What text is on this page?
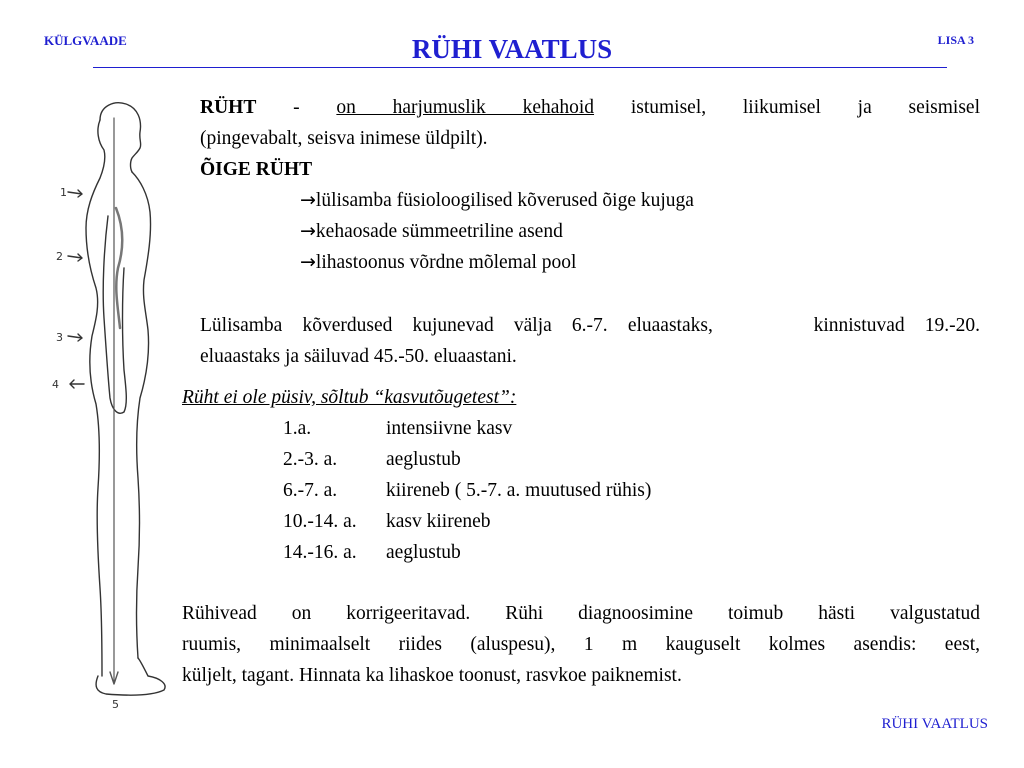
KÜLGVAADE	RÜHI VAATLUS	LISA 3
1
2
3
4
5
RÜHT - on harjumuslik kehahoid istumisel, liikumisel ja seismisel
(pingevabalt, seisva inimese üldpilt).
ÕIGE RÜHT
→lülisamba füsioloogilised kõverused õige kujuga
→kehaosade sümmeetriline asend
→lihastoonus võrdne mõlemal pool
Lülisamba kõverdused kujunevad välja 6.-7. eluaastaks,     kinnistuvad 19.-20.
eluaastaks ja säiluvad 45.-50. eluaastani.
Rüht ei ole püsiv, sõltub “kasvutõugetest”:
1.a.	intensiivne kasv
2.-3. a.	aeglustub
6.-7. a.	kiireneb ( 5.-7. a. muutused rühis)
10.-14. a. kasv kiireneb
14.-16. a. aeglustub
Rühivead on korrigeeritavad. Rühi diagnoosimine toimub hästi valgustatud
ruumis, minimaalselt riides (aluspesu), 1 m kauguselt kolmes asendis: eest,
küljelt, tagant. Hinnata ka lihaskoe toonust, rasvkoe paiknemist.
RÜHI VAATLUS
